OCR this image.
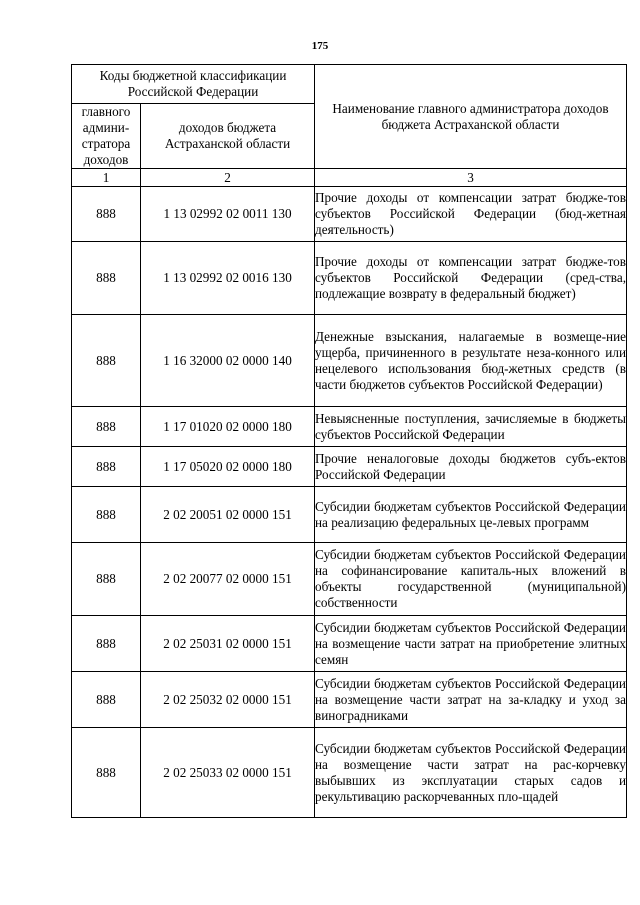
175
Коды бюджетной классификации Российской Федерации		Наименование главного администратора доходов бюджета Астраханской области
главного админи-стратора доходов	доходов бюджета Астраханской области	
1	2	3
888	1 13 02992 02 0011 130	Прочие доходы от компенсации затрат бюдже-тов субъектов Российской Федерации (бюд-жетная деятельность)
888	1 13 02992 02 0016 130	Прочие доходы от компенсации затрат бюдже-тов субъектов Российской Федерации (сред-ства, подлежащие возврату в федеральный бюджет)
888	1 16 32000 02 0000 140	Денежные взыскания, налагаемые в возмеще-ние ущерба, причиненного в результате неза-конного или нецелевого использования бюд-жетных средств (в части бюджетов субъектов Российской Федерации)
888	1 17 01020 02 0000 180	Невыясненные поступления, зачисляемые в бюджеты субъектов Российской Федерации
888	1 17 05020 02 0000 180	Прочие неналоговые доходы бюджетов субъ-ектов Российской Федерации
888	2 02 20051 02 0000 151	Субсидии бюджетам субъектов Российской Федерации на реализацию федеральных це-левых программ
888	2 02 20077 02 0000 151	Субсидии бюджетам субъектов Российской Федерации на софинансирование капиталь-ных вложений в объекты государственной (муниципальной) собственности
888	2 02 25031 02 0000 151	Субсидии бюджетам субъектов Российской Федерации на возмещение части затрат на приобретение элитных семян
888	2 02 25032 02 0000 151	Субсидии бюджетам субъектов Российской Федерации на возмещение части затрат на за-кладку и уход за виноградниками
888	2 02 25033 02 0000 151	Субсидии бюджетам субъектов Российской Федерации на возмещение части затрат на рас-корчевку выбывших из эксплуатации старых садов и рекультивацию раскорчеванных пло-щадей
